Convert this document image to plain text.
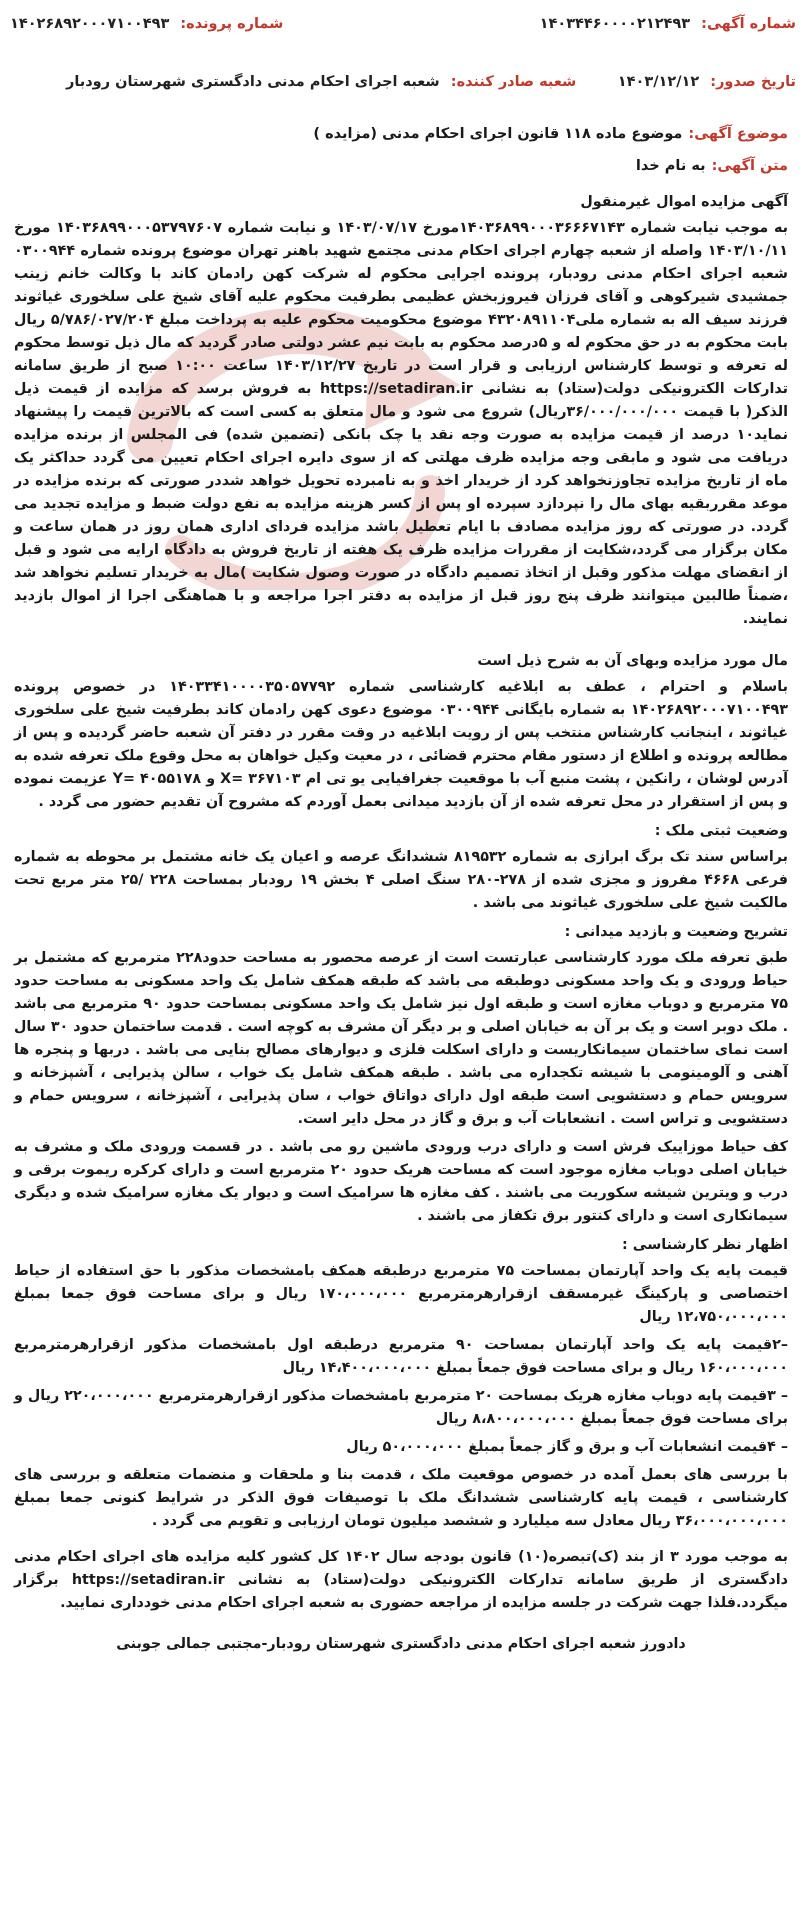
شماره آگهی: ۱۴۰۳۴۴۶۰۰۰۰۲۱۲۴۹۳
شماره پرونده: ۱۴۰۲۶۸۹۲۰۰۰۷۱۰۰۴۹۳
تاریخ صدور: ۱۴۰۳/۱۲/۱۲
شعبه صادر کننده: شعبه اجرای احکام مدنی دادگستری شهرستان رودبار
موضوع آگهی:موضوع ماده ۱۱۸ قانون اجرای احکام مدنی (مزایده )
متن آگهی:به نام خدا
آگهی مزایده اموال غیرمنقول
به موجب نیابت شماره ۱۴۰۳۶۸۹۹۰۰۰۳۶۶۶۷۱۴۳مورخ ۱۴۰۳/۰۷/۱۷ و نیابت شماره ۱۴۰۳۶۸۹۹۰۰۰۵۳۷۹۷۶۰۷ مورخ ۱۴۰۳/۱۰/۱۱ واصله از شعبه چهارم اجرای احکام مدنی مجتمع شهید باهنر تهران موضوع پرونده شماره ۰۳۰۰۹۴۴ شعبه اجرای احکام مدنی رودبار، پرونده اجرایی محکوم له شرکت کهن رادمان کاند با وکالت خانم زینب جمشیدی شیرکوهی و آقای فرزان فیروزبخش عظیمی بطرفیت محکوم علیه آقای شیخ علی سلخوری غیاثوند فرزند سیف اله به شماره ملی۴۳۲۰۸۹۱۱۰۴ موضوع محکومیت محکوم علیه به پرداخت مبلغ ۵/۷۸۶/۰۲۷/۲۰۴ ریال بابت محکوم به در حق محکوم له و ۵درصد محکوم به بابت نیم عشر دولتی صادر گردید که مال ذیل توسط محکوم له تعرفه و توسط کارشناس ارزیابی و قرار است در تاریخ ۱۴۰۳/۱۲/۲۷ ساعت ۱۰:۰۰ صبح از طریق سامانه تدارکات الکترونیکی دولت(ستاد) به نشانی https://setadiran.ir به فروش برسد که مزایده از قیمت ذیل الذکر( با قیمت ۳۶/۰۰۰/۰۰۰/۰۰۰ریال) شروع می شود و مال متعلق به کسی است که بالاترین قیمت را پیشنهاد نماید۱۰ درصد از قیمت مزایده به صورت وجه نقد یا چک بانکی (تضمین شده) فی المجلس از برنده مزایده دریافت می شود و مابقی وجه مزایده ظرف مهلتی که از سوی دایره اجرای احکام تعیین می گردد حداکثر یک ماه از تاریخ مزایده تجاوزنخواهد کرد از خریدار اخذ و به نامبرده تحویل خواهد شددر صورتی که برنده مزایده در موعد مقرربقیه بهای مال را نپردازد سپرده او پس از کسر هزینه مزایده به نفع دولت ضبط و مزایده تجدید می گردد. در صورتی که روز مزایده مصادف با ایام تعطیل باشد مزایده فردای اداری همان روز در همان ساعت و مکان برگزار می گردد،شکایت از مقررات مزایده ظرف یک هفته از تاریخ فروش به دادگاه ارایه می شود و قبل از انقضای مهلت مذکور وقبل از اتخاذ تصمیم دادگاه در صورت وصول شکایت )مال به خریدار تسلیم نخواهد شد ،ضمناً طالبین میتوانند ظرف پنج روز قبل از مزایده به دفتر اجرا مراجعه و با هماهنگی اجرا از اموال بازدید نمایند.
مال مورد مزایده وبهای آن به شرح ذیل است
باسلام و احترام ، عطف به ابلاغیه کارشناسی شماره ۱۴۰۳۳۴۱۰۰۰۰۳۵۰۵۷۷۹۲ در خصوص پرونده ۱۴۰۲۶۸۹۲۰۰۰۷۱۰۰۴۹۳ به شماره بایگانی ۰۳۰۰۹۴۴ موضوع دعوی کهن رادمان کاند بطرفیت شیخ علی سلخوری غیاثوند ، اینجانب کارشناس منتخب پس از رویت ابلاغیه در وقت مقرر در دفتر آن شعبه حاضر گردیده و پس از مطالعه پرونده و اطلاع از دستور مقام محترم قضائی ، در معیت وکیل خواهان به محل وقوع ملک تعرفه شده به آدرس لوشان ، رانکین ، پشت منبع آب با موقعیت جغرافیایی یو تی ام X= ۳۶۷۱۰۳ و Y= ۴۰۵۵۱۷۸ عزیمت نموده و پس از استقرار در محل تعرفه شده از آن بازدید میدانی بعمل آوردم که مشروح آن تقدیم حضور می گردد .
وضعیت ثبتی ملک :
براساس سند تک برگ ابرازی به شماره ۸۱۹۵۳۲ ششدانگ عرصه و اعیان یک خانه مشتمل بر محوطه به شماره فرعی ۴۶۶۸ مفروز و مجزی شده از ۲۷۸-۲۸۰ سنگ اصلی ۴ بخش ۱۹ رودبار بمساحت ۲۲۸ /۲۵ متر مربع تحت مالکیت شیخ علی سلخوری غیاثوند می باشد .
تشریح وضعیت و بازدید میدانی :
طبق تعرفه ملک مورد کارشناسی عبارتست است از عرصه محصور به مساحت حدود۲۲۸ مترمربع که مشتمل بر حیاط ورودی و یک واحد مسکونی دوطبقه می باشد که طبقه همکف شامل یک واحد مسکونی به مساحت حدود ۷۵ مترمربع و دوباب مغازه است و طبقه اول نیز شامل یک واحد مسکونی بمساحت حدود ۹۰ مترمربع می باشد . ملک دوبر است و یک بر آن به خیابان اصلی و بر دیگر آن مشرف به کوچه است . قدمت ساختمان حدود ۳۰ سال است نمای ساختمان سیمانکاریست و دارای اسکلت فلزی و دیوارهای مصالح بنایی می باشد . دربها و پنجره ها آهنی و آلومینومی با شیشه تکجداره می باشد . طبقه همکف شامل یک خواب ، سالن پذیرایی ، آشپزخانه و سرویس حمام و دستشویی است طبقه اول دارای دواتاق خواب ، سان پذیرایی ، آشپزخانه ، سرویس حمام و دستشویی و تراس است . انشعابات آب و برق و گاز در محل دایر است.
کف حیاط موزاییک فرش است و دارای درب ورودی ماشین رو می باشد . در قسمت ورودی ملک و مشرف به خیابان اصلی دوباب مغازه موجود است که مساحت هریک حدود ۲۰ مترمربع است و دارای کرکره ریموت برقی و درب و ویترین شیشه سکوریت می باشند . کف مغازه ها سرامیک است و دیوار یک مغازه سرامیک شده و دیگری سیمانکاری است و دارای کنتور برق تکفاز می باشند .
اظهار نظر کارشناسی :
قیمت پایه یک واحد آپارتمان بمساحت ۷۵ مترمربع درطبقه همکف بامشخصات مذکور با حق استفاده از حیاط اختصاصی و پارکینگ غیرمسقف ازقرارهرمترمربع ۱۷۰،۰۰۰،۰۰۰ ریال و برای مساحت فوق جمعا بمبلغ ۱۲،۷۵۰،۰۰۰،۰۰۰ ریال
–۲قیمت پایه یک واحد آپارتمان بمساحت ۹۰ مترمربع درطبقه اول بامشخصات مذکور ازقرارهرمترمربع ۱۶۰،۰۰۰،۰۰۰ ریال و برای مساحت فوق جمعاً بمبلغ ۱۴،۴۰۰،۰۰۰،۰۰۰ ریال
– ۳قیمت پایه دوباب مغازه هریک بمساحت ۲۰ مترمربع بامشخصات مذکور ازقرارهرمترمربع ۲۲۰،۰۰۰،۰۰۰ ریال و برای مساحت فوق جمعاً بمبلغ ۸،۸۰۰،۰۰۰،۰۰۰ ریال
– ۴قیمت انشعابات آب و برق و گاز جمعاً بمبلغ ۵۰،۰۰۰،۰۰۰ ریال
با بررسی های بعمل آمده در خصوص موقعیت ملک ، قدمت بنا و ملحقات و منضمات متعلقه و بررسی های کارشناسی ، قیمت پایه کارشناسی ششدانگ ملک با توصیفات فوق الذکر در شرایط کنونی جمعا بمبلغ ۳۶،۰۰۰،۰۰۰،۰۰۰ ریال معادل سه میلیارد و ششصد میلیون تومان ارزیابی و تقویم می گردد .
به موجب مورد ۳ از بند (ک)تبصره(۱۰) قانون بودجه سال ۱۴۰۲ کل کشور کلیه مزایده های اجرای احکام مدنی دادگستری از طریق سامانه تدارکات الکترونیکی دولت(ستاد) به نشانی https://setadiran.ir برگزار میگردد.فلذا جهت شرکت در جلسه مزایده از مراجعه حضوری به شعبه اجرای احکام مدنی خودداری نمایید.
دادورز شعبه اجرای احکام مدنی دادگستری شهرستان رودبار-مجتبی جمالی جوبنی
